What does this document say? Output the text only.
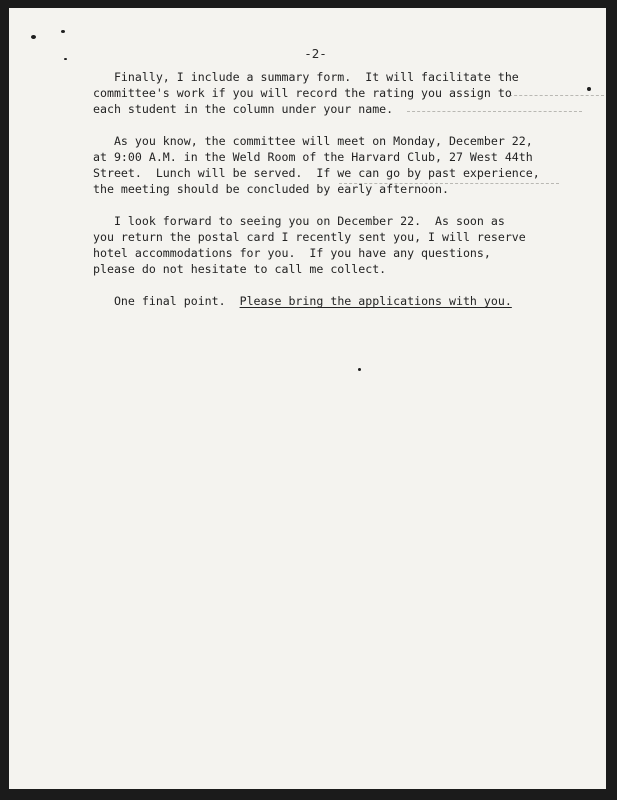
-2-
Finally, I include a summary form.  It will facilitate the
committee's work if you will record the rating you assign to
each student in the column under your name.
As you know, the committee will meet on Monday, December 22,
at 9:00 A.M. in the Weld Room of the Harvard Club, 27 West 44th
Street.  Lunch will be served.  If we can go by past experience,
the meeting should be concluded by early afternoon.
I look forward to seeing you on December 22.  As soon as
you return the postal card I recently sent you, I will reserve
hotel accommodations for you.  If you have any questions,
please do not hesitate to call me collect.
One final point.  Please bring the applications with you.
